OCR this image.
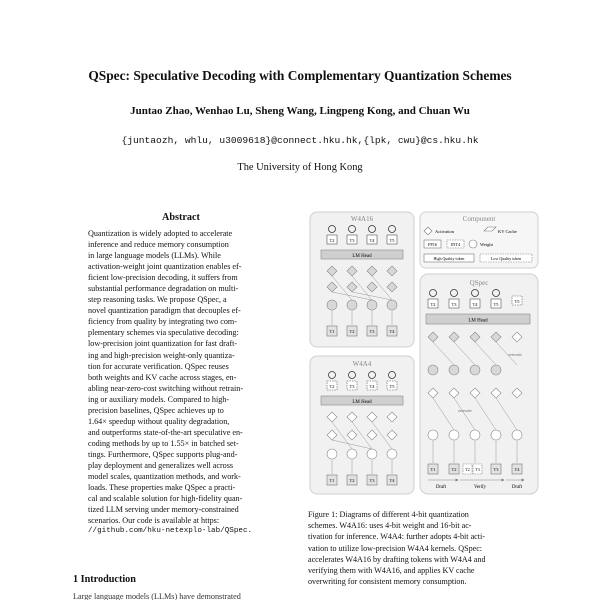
QSpec: Speculative Decoding with Complementary Quantization Schemes
Juntao Zhao, Wenhao Lu, Sheng Wang, Lingpeng Kong, and Chuan Wu
{juntaozh, whlu, u3009618}@connect.hku.hk,{lpk, cwu}@cs.hku.hk
The University of Hong Kong
Abstract
Quantization is widely adopted to accelerate
inference and reduce memory consumption
in large language models (LLMs). While
activation-weight joint quantization enables ef-
ficient low-precision decoding, it suffers from
substantial performance degradation on multi-
step reasoning tasks. We propose QSpec, a
novel quantization paradigm that decouples ef-
ficiency from quality by integrating two com-
plementary schemes via speculative decoding:
low-precision joint quantization for fast draft-
ing and high-precision weight-only quantiza-
tion for accurate verification. QSpec reuses
both weights and KV cache across stages, en-
abling near-zero-cost switching without retrain-
ing or auxiliary models. Compared to high-
precision baselines, QSpec achieves up to
1.64× speedup without quality degradation,
and outperforms state-of-the-art speculative en-
coding methods by up to 1.55× in batched set-
tings. Furthermore, QSpec supports plug-and-
play deployment and generalizes well across
model scales, quantization methods, and work-
loads. These properties make QSpec a practi-
cal and scalable solution for high-fidelity quan-
tized LLM serving under memory-constrained
scenarios. Our code is available at https:
//github.com/hku-netexplo-lab/QSpec.
1 Introduction
Large language models (LLMs) have demonstrated
W4A16
T2	T3	T4	T5
LM Head
T1	T2	T3	T4
W4A4
T2	T3	T4	T5
LM Head
T1	T2	T3	T4
Component
Activation	KV Cache
FP16	INT4	Weight
High Quality token	Low Quality token
QSpec
T2	T3	T4	T5
T5
LM Head
overwrite
overwrite
T1	T2 T2 T3	T3	T4
Draft	Verify	Draft
Figure 1: Diagrams of different 4-bit quantization
schemes. W4A16: uses 4-bit weight and 16-bit ac-
tivation for inference. W4A4: further adopts 4-bit acti-
vation to utilize low-precision W4A4 kernels. QSpec:
accelerates W4A16 by drafting tokens with W4A4 and
verifying them with W4A16, and applies KV cache
overwriting for consistent memory consumption.
